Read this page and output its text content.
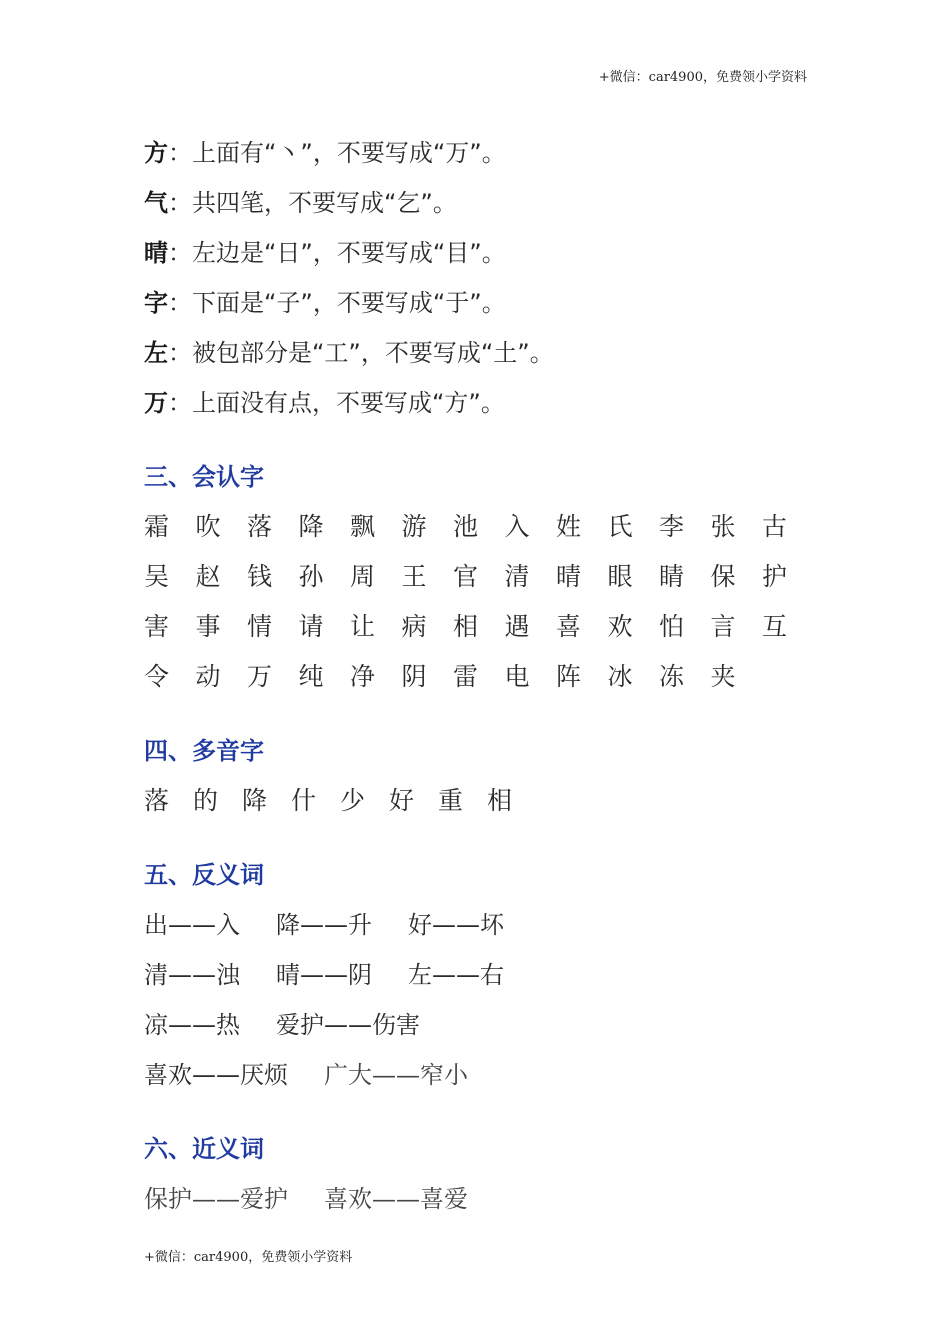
+微信：car4900，免费领小学资料
方：上面有“丶”，不要写成“万”。
气：共四笔，不要写成“乞”。
晴：左边是“日”，不要写成“目”。
字：下面是“子”，不要写成“于”。
左：被包部分是“工”，不要写成“土”。
万：上面没有点，不要写成“方”。
三、会认字
霜 吹 落 降 飘 游 池 入 姓 氏 李 张 古
吴 赵 钱 孙 周 王 官 清 晴 眼 睛 保 护
害 事 情 请 让 病 相 遇 喜 欢 怕 言 互
令 动 万 纯 净 阴 雷 电 阵 冰 冻 夹
四、多音字
落 的 降 什 少 好 重 相
五、反义词
出——入 降——升 好——坏
清——浊 晴——阴 左——右
凉——热 爱护——伤害
喜欢——厌烦 广大——窄小
六、近义词
保护——爱护 喜欢——喜爱
+微信：car4900，免费领小学资料
